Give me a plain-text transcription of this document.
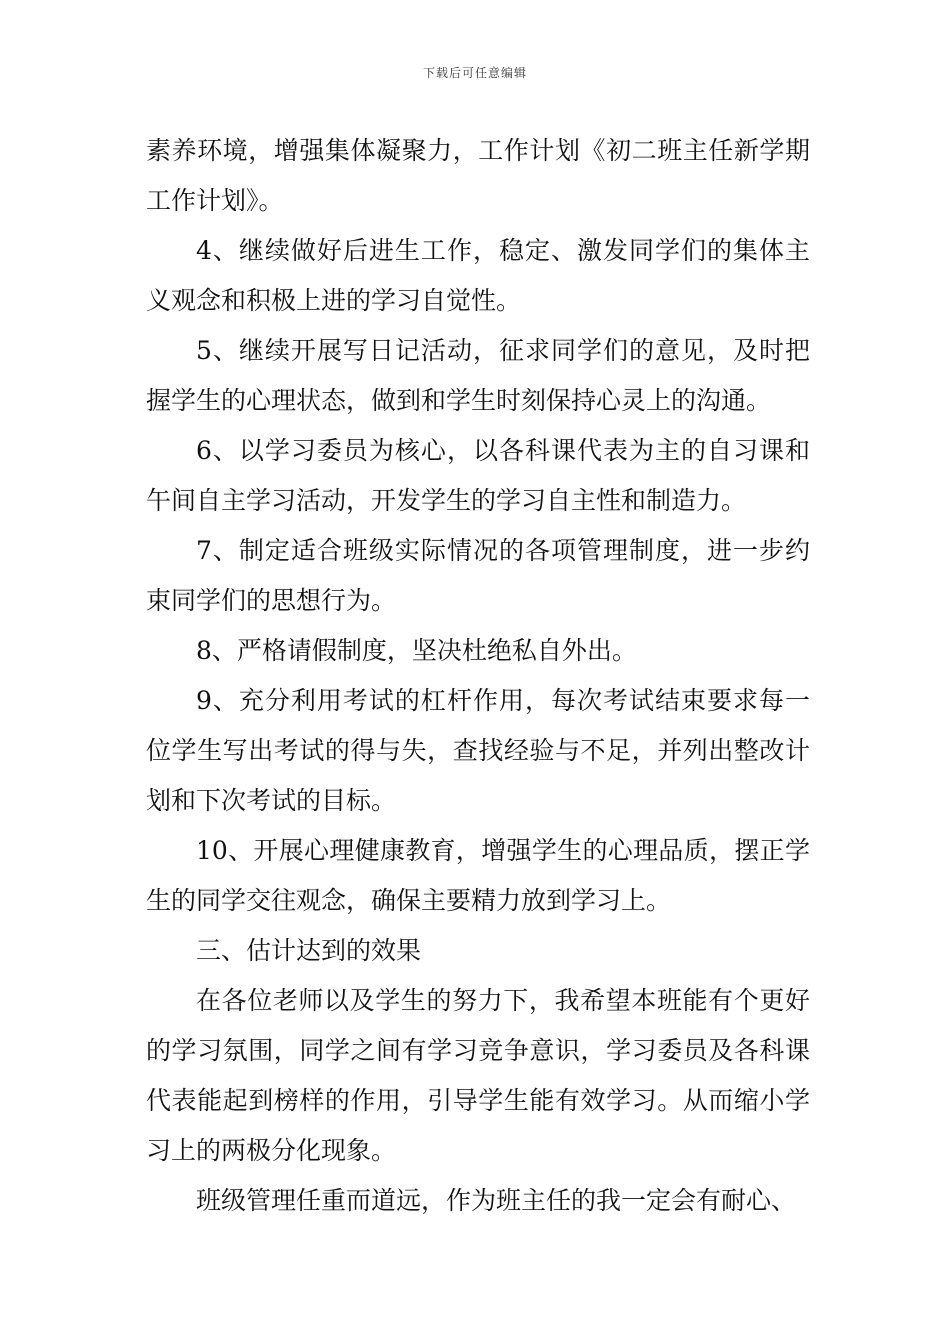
下载后可任意编辑

素养环境，增强集体凝聚力，工作计划《初二班主任新学期工作计划》。

4、继续做好后进生工作，稳定、激发同学们的集体主义观念和积极上进的学习自觉性。

5、继续开展写日记活动，征求同学们的意见，及时把握学生的心理状态，做到和学生时刻保持心灵上的沟通。

6、以学习委员为核心，以各科课代表为主的自习课和午间自主学习活动，开发学生的学习自主性和制造力。

7、制定适合班级实际情况的各项管理制度，进一步约束同学们的思想行为。

8、严格请假制度，坚决杜绝私自外出。

9、充分利用考试的杠杆作用，每次考试结束要求每一位学生写出考试的得与失，查找经验与不足，并列出整改计划和下次考试的目标。

10、开展心理健康教育，增强学生的心理品质，摆正学生的同学交往观念，确保主要精力放到学习上。

三、估计达到的效果

在各位老师以及学生的努力下，我希望本班能有个更好的学习氛围，同学之间有学习竞争意识，学习委员及各科课代表能起到榜样的作用，引导学生能有效学习。从而缩小学习上的两极分化现象。

班级管理任重而道远，作为班主任的我一定会有耐心、
